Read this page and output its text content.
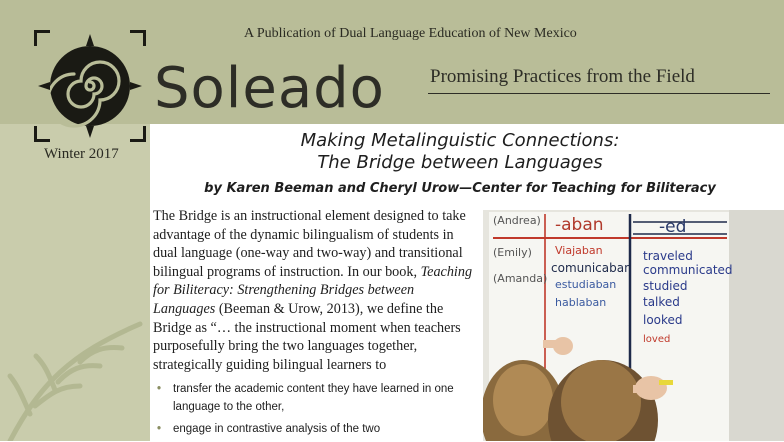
A Publication of Dual Language Education of New Mexico
Soleado Promising Practices from the Field
Winter 2017
Making Metalinguistic Connections:
The Bridge between Languages
by Karen Beeman and Cheryl Urow—Center for Teaching for Biliteracy

The Bridge is an instructional element designed to take advantage of the dynamic bilingualism of students in dual language (one-way and two-way) and transitional bilingual programs of instruction. In our book, Teaching for Biliteracy: Strengthening Bridges between Languages (Beeman & Urow, 2013), we define the Bridge as “… the instructional moment when teachers purposefully bring the two languages together, strategically guiding bilingual learners to

• transfer the academic content they have learned in one language to the other,
• engage in contrastive analysis of the two
(Andrea)
(Emily)
(Amanda)
-aban	-ed
Viajaban
comunicaban
estudiaban
hablaban
traveled
communicated
studied
talked
looked
loved
